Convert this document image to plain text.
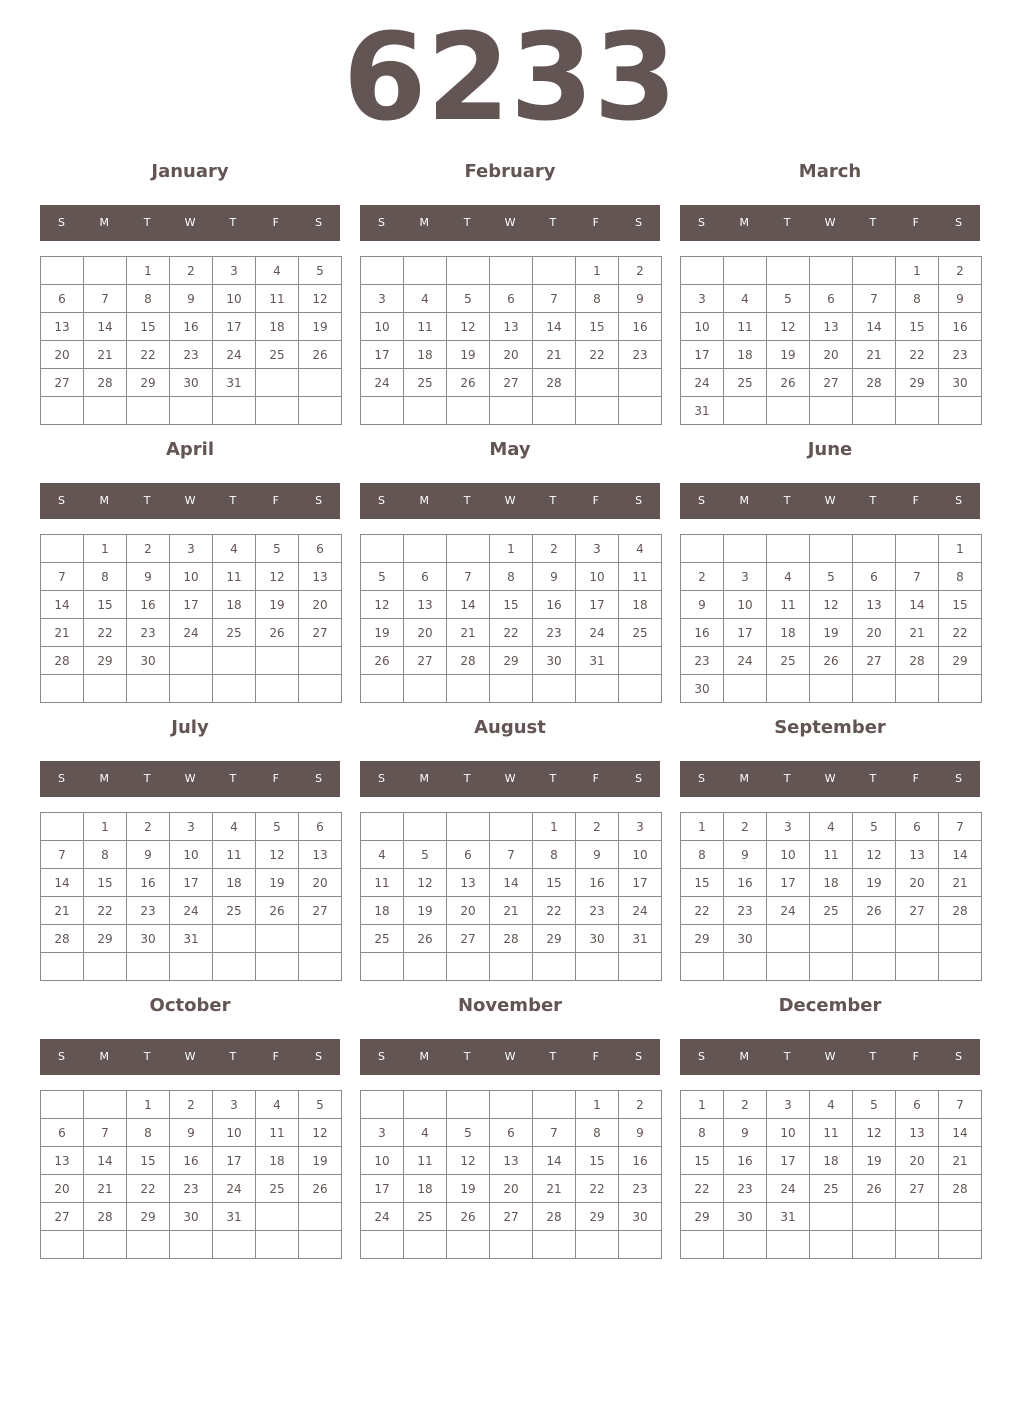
6233
January
S	M	T	W	T	F	S
		1	2	3	4	5
6	7	8	9	10	11	12
13	14	15	16	17	18	19
20	21	22	23	24	25	26
27	28	29	30	31		

February
S	M	T	W	T	F	S
					1	2
3	4	5	6	7	8	9
10	11	12	13	14	15	16
17	18	19	20	21	22	23
24	25	26	27	28		

March
S	M	T	W	T	F	S
					1	2
3	4	5	6	7	8	9
10	11	12	13	14	15	16
17	18	19	20	21	22	23
24	25	26	27	28	29	30
31						
April
S	M	T	W	T	F	S
	1	2	3	4	5	6
7	8	9	10	11	12	13
14	15	16	17	18	19	20
21	22	23	24	25	26	27
28	29	30				

May
S	M	T	W	T	F	S
			1	2	3	4
5	6	7	8	9	10	11
12	13	14	15	16	17	18
19	20	21	22	23	24	25
26	27	28	29	30	31	

June
S	M	T	W	T	F	S
						1
2	3	4	5	6	7	8
9	10	11	12	13	14	15
16	17	18	19	20	21	22
23	24	25	26	27	28	29
30						
July
S	M	T	W	T	F	S
	1	2	3	4	5	6
7	8	9	10	11	12	13
14	15	16	17	18	19	20
21	22	23	24	25	26	27
28	29	30	31			

August
S	M	T	W	T	F	S
				1	2	3
4	5	6	7	8	9	10
11	12	13	14	15	16	17
18	19	20	21	22	23	24
25	26	27	28	29	30	31

September
S	M	T	W	T	F	S
1	2	3	4	5	6	7
8	9	10	11	12	13	14
15	16	17	18	19	20	21
22	23	24	25	26	27	28
29	30					

October
S	M	T	W	T	F	S
		1	2	3	4	5
6	7	8	9	10	11	12
13	14	15	16	17	18	19
20	21	22	23	24	25	26
27	28	29	30	31		

November
S	M	T	W	T	F	S
					1	2
3	4	5	6	7	8	9
10	11	12	13	14	15	16
17	18	19	20	21	22	23
24	25	26	27	28	29	30

December
S	M	T	W	T	F	S
1	2	3	4	5	6	7
8	9	10	11	12	13	14
15	16	17	18	19	20	21
22	23	24	25	26	27	28
29	30	31				
